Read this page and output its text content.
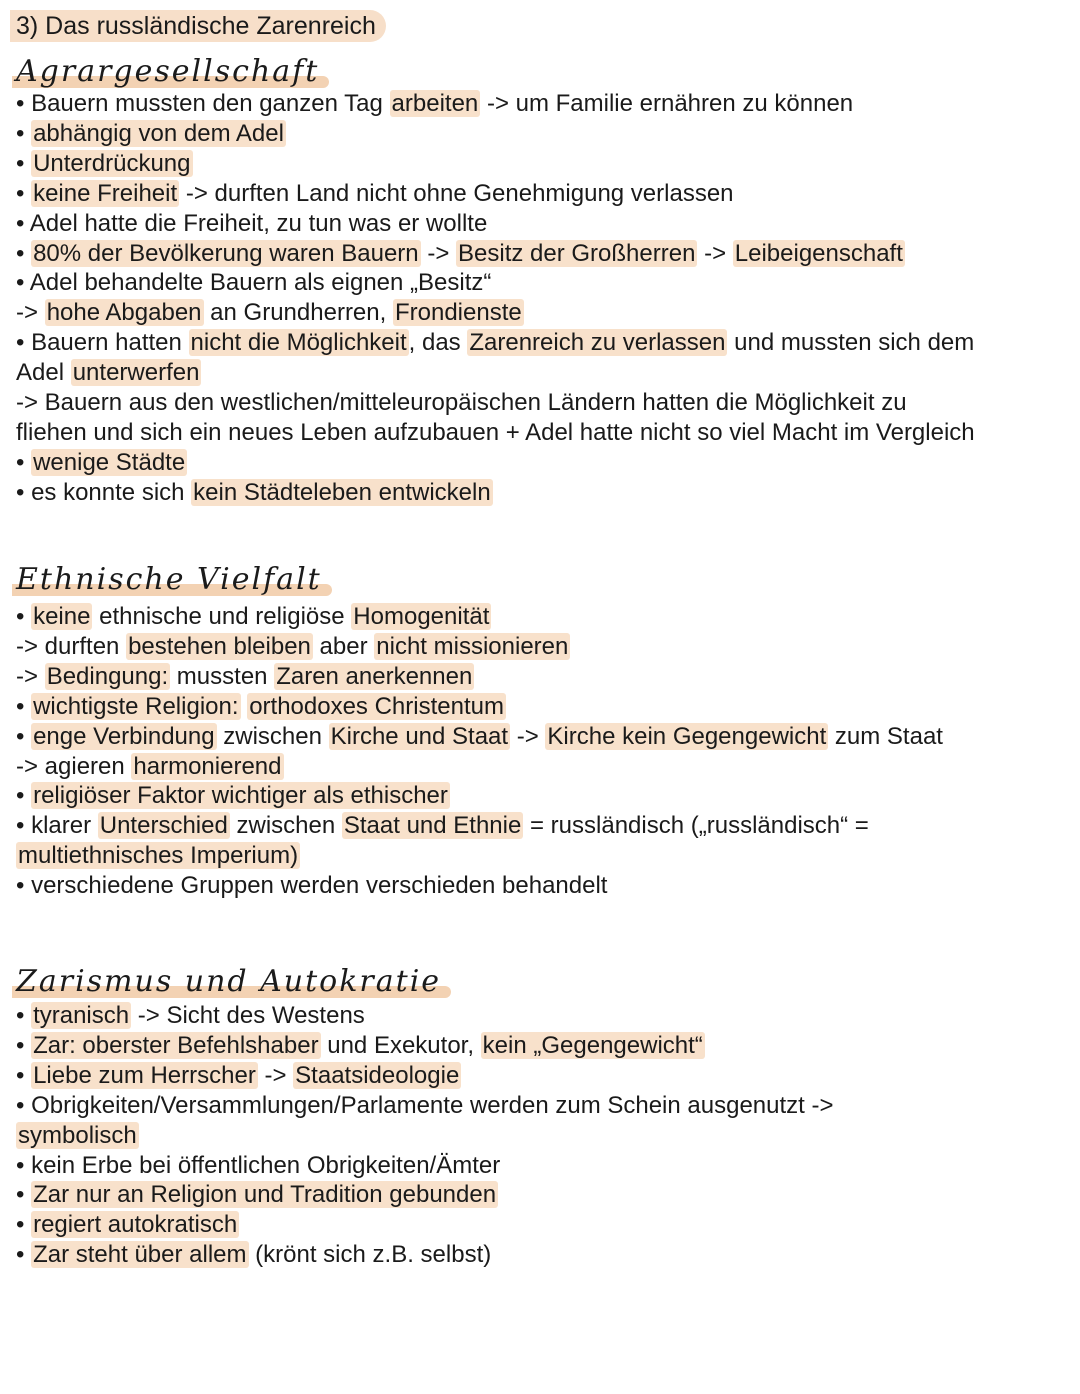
3) Das russländische Zarenreich
Agrargesellschaft
• Bauern mussten den ganzen Tag arbeiten -> um Familie ernähren zu können
• abhängig von dem Adel
• Unterdrückung
• keine Freiheit -> durften Land nicht ohne Genehmigung verlassen
• Adel hatte die Freiheit, zu tun was er wollte
• 80% der Bevölkerung waren Bauern -> Besitz der Großherren -> Leibeigenschaft
• Adel behandelte Bauern als eignen „Besitz“
-> hohe Abgaben an Grundherren, Frondienste
• Bauern hatten nicht die Möglichkeit, das Zarenreich zu verlassen und mussten sich dem
Adel unterwerfen
-> Bauern aus den westlichen/mitteleuropäischen Ländern hatten die Möglichkeit zu
fliehen und sich ein neues Leben aufzubauen + Adel hatte nicht so viel Macht im Vergleich
• wenige Städte
• es konnte sich kein Städteleben entwickeln
Ethnische Vielfalt
• keine ethnische und religiöse Homogenität
-> durften bestehen bleiben aber nicht missionieren
-> Bedingung: mussten Zaren anerkennen
• wichtigste Religion: orthodoxes Christentum
• enge Verbindung zwischen Kirche und Staat -> Kirche kein Gegengewicht zum Staat
-> agieren harmonierend
• religiöser Faktor wichtiger als ethischer
• klarer Unterschied zwischen Staat und Ethnie = russländisch („russländisch“ =
multiethnisches Imperium)
• verschiedene Gruppen werden verschieden behandelt
Zarismus und Autokratie
• tyranisch -> Sicht des Westens
• Zar: oberster Befehlshaber und Exekutor, kein „Gegengewicht“
• Liebe zum Herrscher -> Staatsideologie
• Obrigkeiten/Versammlungen/Parlamente werden zum Schein ausgenutzt ->
symbolisch
• kein Erbe bei öffentlichen Obrigkeiten/Ämter
• Zar nur an Religion und Tradition gebunden
• regiert autokratisch
• Zar steht über allem (krönt sich z.B. selbst)
